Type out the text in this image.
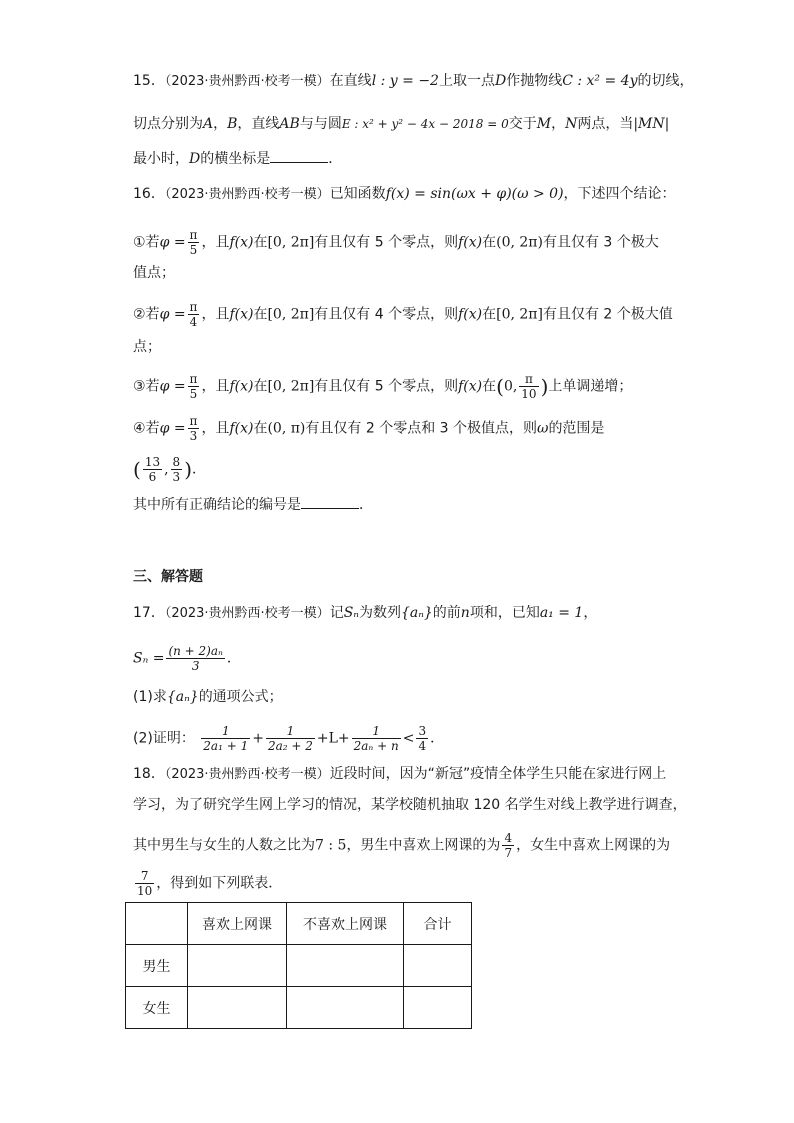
15．（2023·贵州黔西·校考一模）在直线l : y = −2上取一点D作抛物线C : x² = 4y的切线，
切点分别为A，B，直线AB与与圆E : x² + y² − 4x − 2018 = 0交于M，N两点，当|MN|
最小时，D的横坐标是	．
16．（2023·贵州黔西·校考一模）已知函数f(x) = sin(ωx + φ)(ω > 0)，下述四个结论：
①若$\varphi = \frac{\pi}{5}$ ，且f(x)在[0, 2π]有且仅有 5 个零点，则f(x)在(0, 2π)有且仅有 3 个极大
值点；
②若$\varphi = \frac{\pi}{4}$ ，且f(x)在[0, 2π]有且仅有 4 个零点，则f(x)在[0, 2π]有且仅有 2 个极大值
点；
③若$\varphi = \frac{\pi}{5}$ ，且f(x)在[0, 2π]有且仅有 5 个零点，则f(x)在(0, $\frac{\pi}{10}$ )上单调递增；
④若$\varphi = \frac{\pi}{3}$ ，且f(x)在(0, π)有且仅有 2 个零点和 3 个极值点，则ω的范围是
( $\frac{13}{6}$ , $\frac{8}{3}$ )．
其中所有正确结论的编号是	．
三、解答题
17．（2023·贵州黔西·校考一模）记Sₙ为数列{aₙ}的前n项和，已知a₁ = 1，
$S_n = \frac{\text{(n + 2)aₙ}}{3}$ ．
(1)求{aₙ}的通项公式；
(2)证明： $\frac{1}{\text{2a₁ + 1}} + \frac{1}{\text{2a₂ + 2}} +L+ \frac{1}{\text{2aₙ + n}} < \frac{3}{4}$ ．
18．（2023·贵州黔西·校考一模）近段时间，因为“新冠”疫情全体学生只能在家进行网上
学习，为了研究学生网上学习的情况，某学校随机抽取 120 名学生对线上教学进行调查，
其中男生与女生的人数之比为7 : 5，男生中喜欢上网课的为 $\frac{4}{7}$ ，女生中喜欢上网课的为
$\frac{7}{10}$ ，得到如下列联表．
	喜欢上网课	不喜欢上网课	合计
男生			
女生			
